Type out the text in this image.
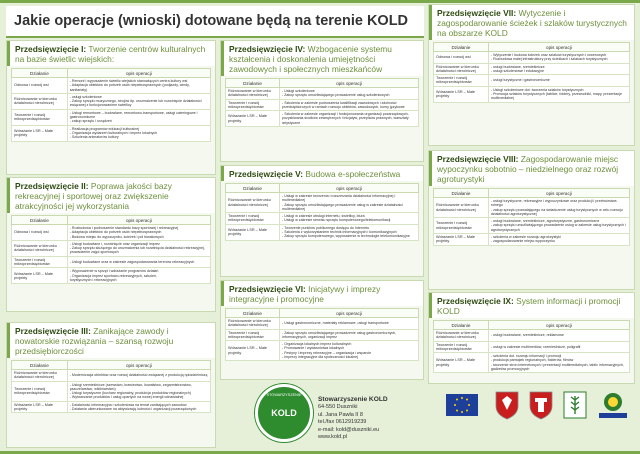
Jakie operacje (wnioski) dotowane będą na terenie KOLD
Przedsięwzięcie I: Tworzenie centrów kulturalnych na bazie świetlic wiejskich:
Działanie	opis operacji
Odnowa i rozwój wsi	- Remont i wyposażenie świetlic wiejskich stanowiących centra kultury wsi
- Adaptacja obiektów do potrzeb osób niepełnosprawnych (podjazdy, windy, sanitariaty)
Różnicowanie w kierunku działalności nierolniczej	- usługi szkoleniowe
- Zakup sprzętu muzycznego, strojów itp. urozmaicenie lub rozwinięcie działalności związanej z funkcjonowaniem świetlicy
Tworzenie i rozwój mikroprzedsiębiorstw	- Usługi remontowe – budowlane, remontowo-transportowe, usługi cateringowe i gastronomiczne
- zakup sprzętu i urządzeń
Wdrażanie LSR – Małe projekty	- Realizacja programów edukacji kulturalnej
- Organizacja wydarzeń kulturalnych i imprez lokalnych
- Szkolenia animatorów kultury
Przedsięwzięcie II: Poprawa jakości bazy rekreacyjnej i sportowej oraz zwiększenie atrakcyjności jej wykorzystania
Działanie	opis operacji
Odnowa i rozwój wsi	- Rozbudowa i podnoszenie standardu bazy sportowej i rekreacyjnej
- Adaptacja obiektów do potrzeb osób niepełnosprawnych
- Budowa miejsc do wypoczynku, ścieżek i pól biwakowych
Różnicowanie w kierunku działalności nierolniczej	- Usługi budowlane i, rozwinięcie oraz organizacji imprez
- Zakup sprzętu służącego do urozmaicenia lub rozwinięcia działalności rekreacyjnej, prowadzenie zajęć sportowych
Tworzenie i rozwój mikroprzedsiębiorstw	- Usługi budowlane oraz w zakresie zagospodarowania terenów rekreacyjnych
Wdrażanie LSR – Małe projekty	- Wyposażenie w sprzęt i wdrażanie programów działań
- Organizacja imprez sportowo-rekreacyjnych, szkoleń,
turystycznych i rekreacyjnych
Przedsięwzięcie III: Zanikające zawody i nowatorskie rozwiązania – szansą rozwoju przedsiębiorczości
Działanie	opis operacji
Różnicowanie w kierunku działalności nierolniczej	- Modernizacja obiektów oraz rozwój działalności związanej z produkcją rękodzielniczą
Tworzenie i rozwój mikroprzedsiębiorstw	- Usługi rzemieślnicze (szewstwo, krawiectwo, kowalstwo, zegarmistrzostwo, pszczelarstwo, wikliniarstwo)
- Usługi turystyczne (kucharz regionalny, produkcja produktów regionalnych)
- Wytwarzanie produktów i usług opartych na nowej energii odnawialnej
Wdrażanie LSR – Małe projekty	- Działalność informacyjna i szkoleniowa na temat zanikających zawodów
- Działania ukierunkowane na aktywizację ludności i organizacji pozarządowych
Przedsięwzięcie IV: Wzbogacenie systemu kształcenia i doskonalenia umiejętności zawodowych i społecznych mieszkańców
Działanie	opis operacji
Różnicowanie w kierunku działalności nierolniczej	- Usługi szkoleniowe
- Zakup sprzętu umożliwiającego prowadzenie usług szkoleniowych
Tworzenie i rozwój mikroprzedsiębiorstw	- Szkolenia w zakresie podnoszenia kwalifikacji zawodowych i zdolności przedsiębiorczych w ramach rozwoju obiektów, zawodowych, kursy językowe
Wdrażanie LSR – Małe projekty	- Szkolenia w zakresie organizacji i funkcjonowania organizacji pozarządowych, pozyskiwania środków zewnętrznych i inicjatyw, przepisów prawnych, warsztaty artystyczne
Przedsięwzięcie V: Budowa e-społeczeństwa
Działanie	opis operacji
Różnicowanie w kierunku działalności nierolniczej	- Usługi w zakresie tworzenia i rozszerzania działalności informacyjnej i multimedialnej
- Zakup sprzętu umożliwiającego prowadzenie usług w zakresie działalności multimedialnej
Tworzenie i rozwój mikroprzedsiębiorstw	- Usługi w zakresie obsługi internetu, świetlicy, biura
- Usługi w zakresie serwisu sprzętu komputerowego/telekomunikacji
Wdrażanie LSR – Małe projekty	- Tworzenie punktów publicznego dostępu do Internetu
- Szkolenia z wykorzystaniem technik informacyjnych i komunikacyjnych
- Zakup sprzętu komputerowego, wyposażenie w technologie telekomunikacyjne
Przedsięwzięcie VI: Inicjatywy i imprezy integracyjne i promocyjne
Działanie	opis operacji
Różnicowanie w kierunku działalności nierolniczej	- Usługi gastronomiczne, materiały reklamowe, usługi transportowe
Tworzenie i rozwój mikroprzedsiębiorstw	- Zakup sprzętu umożliwiającego prowadzenie usług gastronomicznych, informacyjnych, organizacji imprez
Wdrażanie LSR – Małe projekty	- Organizacja lokalnych imprez kulturalnych
- Promowanie i wydawnictwa lokalnych
- Festyny i imprezy rekreacyjne – organizacja i wsparcie
- Imprezy integracyjne dla społeczności lokalnej
Przedsięwzięcie VII: Wytyczenie i zagospodarowanie ścieżek i szlaków turystycznych na obszarze KOLD
Działanie	opis operacji
Odnowa i rozwój wsi	- Wytyczenie i budowa ścieżek oraz szlaków turystycznych i rowerowych
- Rozbudowa małej infrastruktury przy ścieżkach i szlakach turystycznych
Różnicowanie w kierunku działalności nierolniczej	- usługi budowlane, rzemieślnicze
- usługi szkoleniowe i edukacyjne
Tworzenie i rozwój mikroprzedsiębiorstw	- usługi turystyczne i gastronomiczne
Wdrażanie LSR – Małe projekty	- Usługi szkoleniowe dot. tworzenia szlaków turystycznych
- Promocja szlaków turystycznych (tablice, foldery, przewodniki, mapy, prezentacje multimedialne)
Przedsięwzięcie VIII: Zagospodarowanie miejsc wypoczynku sobotnio – niedzielnego oraz rozwój agroturystyki
Działanie	opis operacji
Różnicowanie w kierunku działalności nierolniczej	- usługi turystyczne, rekreacyjne i wypoczynkowe oraz produkcji i przetwórstwa rolnego
- zakup sprzętu pozwalającego na świadczenie usług turystycznych w celu rozwoju działalności agroturystycznej
Tworzenie i rozwój mikroprzedsiębiorstw	- usługi budowlane, rzemieślnicze, agroturystyczne, gastronomiczne
- zakup sprzętu umożliwiającego prowadzenie usług w zakresie usług turystycznych i agroturystycznych
Wdrażanie LSR – Małe projekty	- szkolenia w zakresie rozwoju agroturystyki
- zagospodarowanie miejsc wypoczynku
Przedsięwzięcie IX: System informacji i promocji KOLD
Działanie	opis operacji
Różnicowanie w kierunku działalności nierolniczej	- usługi budowlane, rzemieślnicze, reklamowe
Tworzenie i rozwój mikroprzedsiębiorstw	- usługi w zakresie multimediów, rzemieślnicze, poligrafii
Wdrażanie LSR – Małe projekty	- szkolenia dot. rozwoju informacji i promocji
- produkcja pamiątek regionalnych, folderów, filmów
- tworzenie stron internetowych i prezentacji multimedialnych, tablic informacyjnych, gadżetów promocyjnych
STOWARZYSZENIE
KOLD
Stowarzyszenie KOLD
64-550 Duszniki
ul. Jana Pawła II 8
tel./fax 0612919239
e-mail: kold@duszniki.eu
www.kold.pl
